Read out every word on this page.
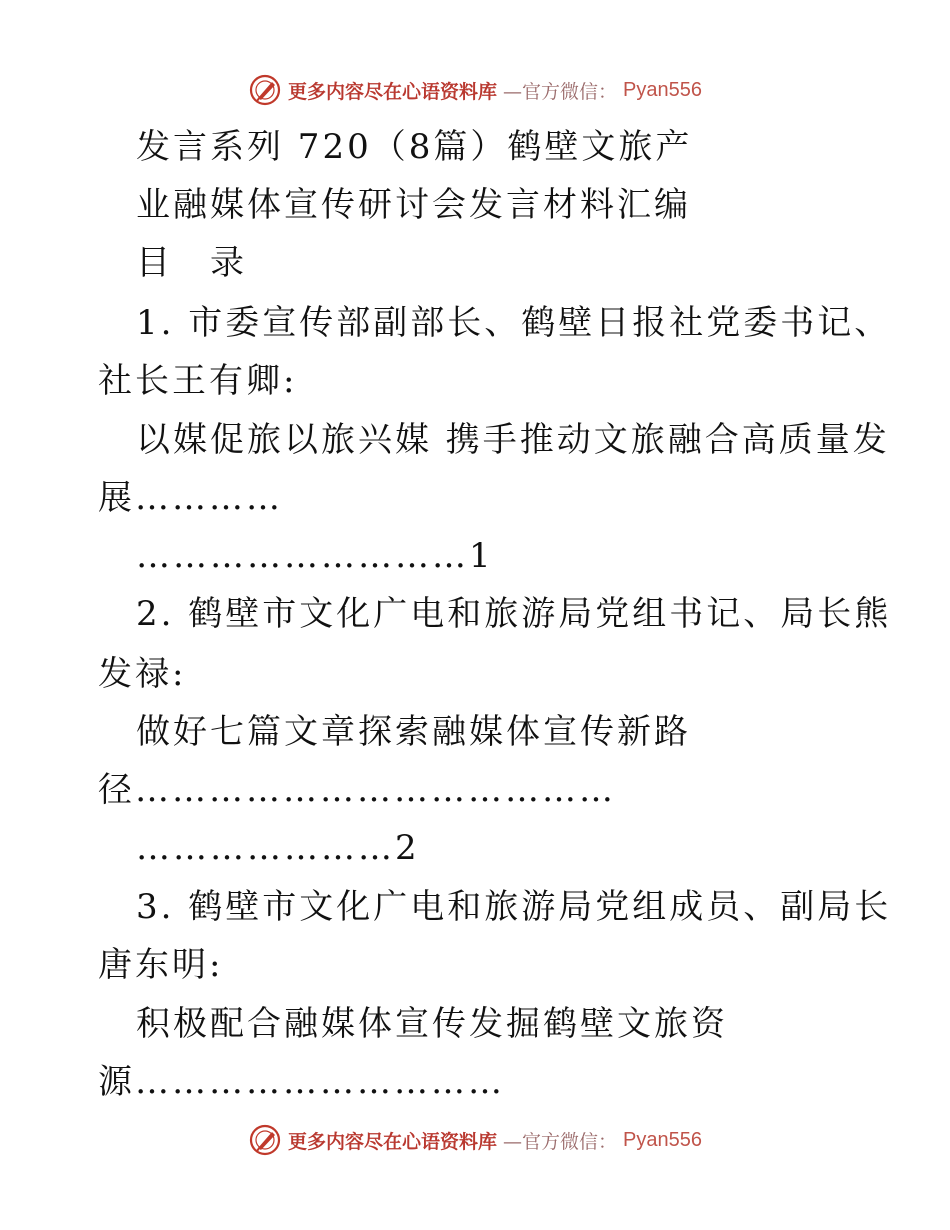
更多内容尽在心语资料库 —官方微信： Pyan556
发言系列 720（8篇）鹤壁文旅产
业融媒体宣传研讨会发言材料汇编
目　录
1. 市委宣传部副部长、鹤壁日报社党委书记、
社长王有卿:
以媒促旅以旅兴媒 携手推动文旅融合高质量发
展…………
………………………1
2. 鹤壁市文化广电和旅游局党组书记、局长熊
发禄:
做好七篇文章探索融媒体宣传新路
径…………………………………
…………………2
3. 鹤壁市文化广电和旅游局党组成员、副局长
唐东明:
积极配合融媒体宣传发掘鹤壁文旅资
源…………………………
更多内容尽在心语资料库 —官方微信： Pyan556
